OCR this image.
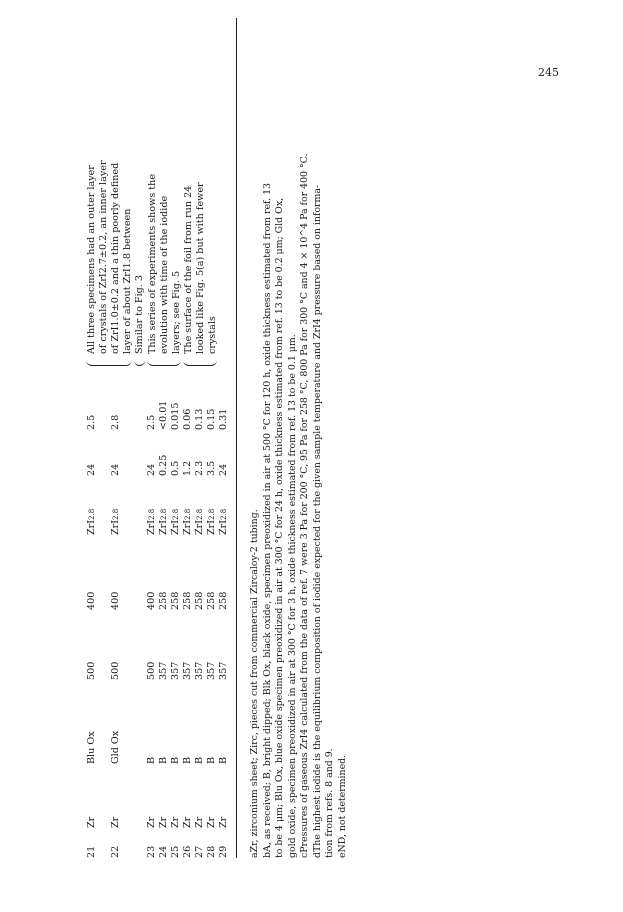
245
21
Zr
Blu Ox
500
400
ZrI
2.8
24
2.5
22
Zr
Gld Ox
500
400
ZrI
2.8
24
2.8
23
Zr
B
500
400
ZrI
2.8
24
2.5
24
Zr
B
357
258
ZrI
2.8
0.25
<0.01
25
Zr
B
357
258
ZrI
2.8
0.5
0.015
26
Zr
B
357
258
ZrI
2.8
1.2
0.06
27
Zr
B
357
258
ZrI
2.8
2.3
0.13
28
Zr
B
357
258
ZrI
2.8
3.5
0.15
29
Zr
B
357
258
ZrI
2.8
24
0.31
All three specimens had an outer layer of crystals of ZrI2.7±0.2, an inner layer of ZrI1.0±0.2 and a thin poorly defined layer of about ZrI1.8 between Similar to Fig. 3 This series of experiments shows the evolution with time of the iodide layers; see Fig. 5 The surface of the foil from run 24 looked like Fig. 5(a) but with fewer crystals
aZr, zirconium sheet; Zirc, pieces cut from commercial Zircaloy-2 tubing. bA, as received; B, bright dipped; Blk Ox, black oxide, specimen preoxidized in air at 500 °C for 120 h, oxide thickness estimated from ref. 13 to be 4 μm; Blu Ox, blue oxide specimen preoxidized in air at 300 °C for 24 h, oxide thickness estimated from ref. 13 to be 0.2 μm; Gld Ox, gold oxide, specimen preoxidized in air at 300 °C for 3 h, oxide thickness estimated from ref. 13 to be 0.1 μm. cPressures of gaseous ZrI4 calculated from the data of ref. 7 were 3 Pa for 200 °C, 95 Pa for 258 °C, 800 Pa for 300 °C and 4 × 10^4 Pa for 400 °C. dThe highest iodide is the equilibrium composition of iodide expected for the given sample temperature and ZrI4 pressure based on informa- tion from refs. 8 and 9. eND, not determined.
